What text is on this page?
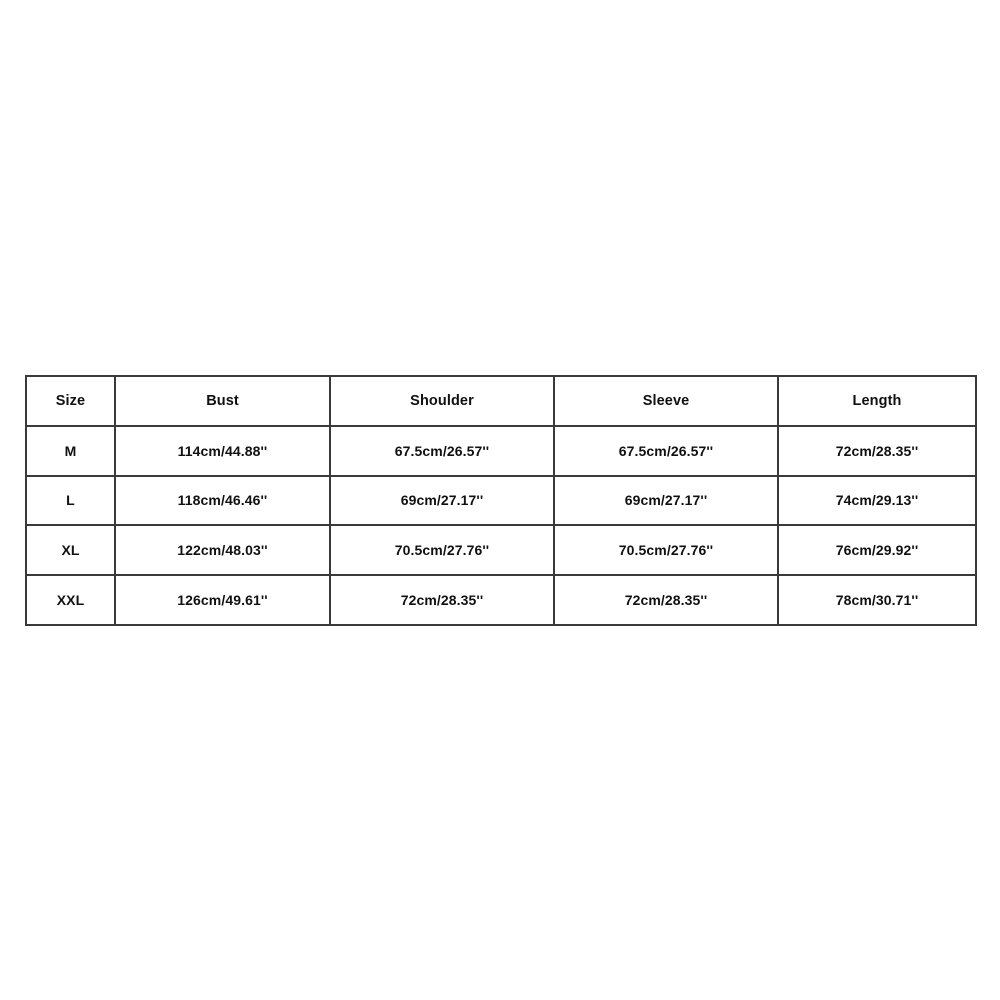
Size	Bust	Shoulder	Sleeve	Length
M	114cm/44.88''	67.5cm/26.57''	67.5cm/26.57''	72cm/28.35''
L	118cm/46.46''	69cm/27.17''	69cm/27.17''	74cm/29.13''
XL	122cm/48.03''	70.5cm/27.76''	70.5cm/27.76''	76cm/29.92''
XXL	126cm/49.61''	72cm/28.35''	72cm/28.35''	78cm/30.71''
